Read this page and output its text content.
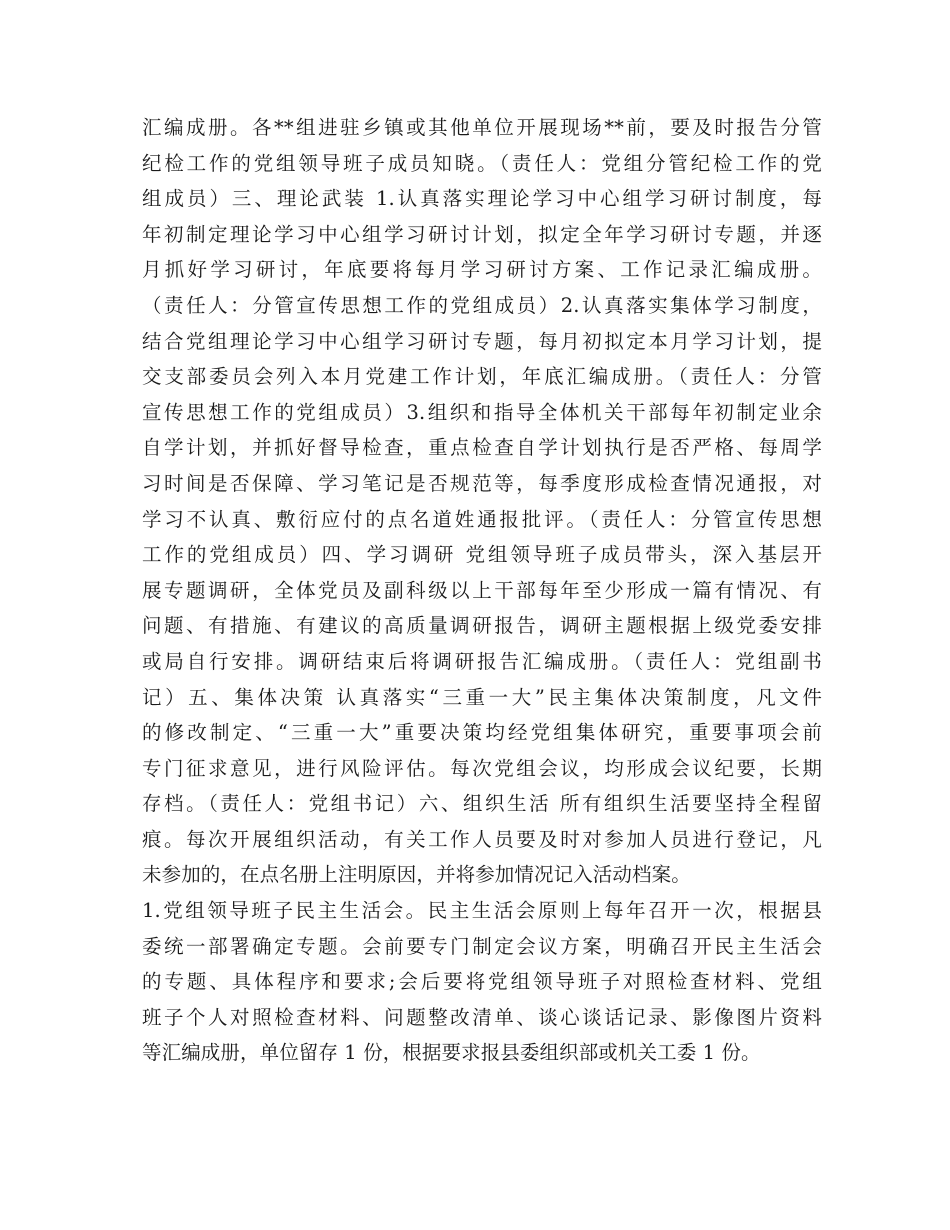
汇编成册。各**组进驻乡镇或其他单位开展现场**前，要及时报告分管
纪检工作的党组领导班子成员知晓。（责任人：党组分管纪检工作的党
组成员）三、理论武装 1.认真落实理论学习中心组学习研讨制度，每
年初制定理论学习中心组学习研讨计划，拟定全年学习研讨专题，并逐
月抓好学习研讨，年底要将每月学习研讨方案、工作记录汇编成册。
（责任人：分管宣传思想工作的党组成员）2.认真落实集体学习制度，
结合党组理论学习中心组学习研讨专题，每月初拟定本月学习计划，提
交支部委员会列入本月党建工作计划，年底汇编成册。（责任人：分管
宣传思想工作的党组成员）3.组织和指导全体机关干部每年初制定业余
自学计划，并抓好督导检查，重点检查自学计划执行是否严格、每周学
习时间是否保障、学习笔记是否规范等，每季度形成检查情况通报，对
学习不认真、敷衍应付的点名道姓通报批评。（责任人：分管宣传思想
工作的党组成员）四、学习调研 党组领导班子成员带头，深入基层开
展专题调研，全体党员及副科级以上干部每年至少形成一篇有情况、有
问题、有措施、有建议的高质量调研报告，调研主题根据上级党委安排
或局自行安排。调研结束后将调研报告汇编成册。（责任人：党组副书
记）五、集体决策 认真落实“三重一大”民主集体决策制度，凡文件
的修改制定、“三重一大”重要决策均经党组集体研究，重要事项会前
专门征求意见，进行风险评估。每次党组会议，均形成会议纪要，长期
存档。（责任人：党组书记）六、组织生活 所有组织生活要坚持全程留
痕。每次开展组织活动，有关工作人员要及时对参加人员进行登记，凡
未参加的，在点名册上注明原因，并将参加情况记入活动档案。
1.党组领导班子民主生活会。民主生活会原则上每年召开一次，根据县
委统一部署确定专题。会前要专门制定会议方案，明确召开民主生活会
的专题、具体程序和要求;会后要将党组领导班子对照检查材料、党组
班子个人对照检查材料、问题整改清单、谈心谈话记录、影像图片资料
等汇编成册，单位留存 1 份，根据要求报县委组织部或机关工委 1 份。
